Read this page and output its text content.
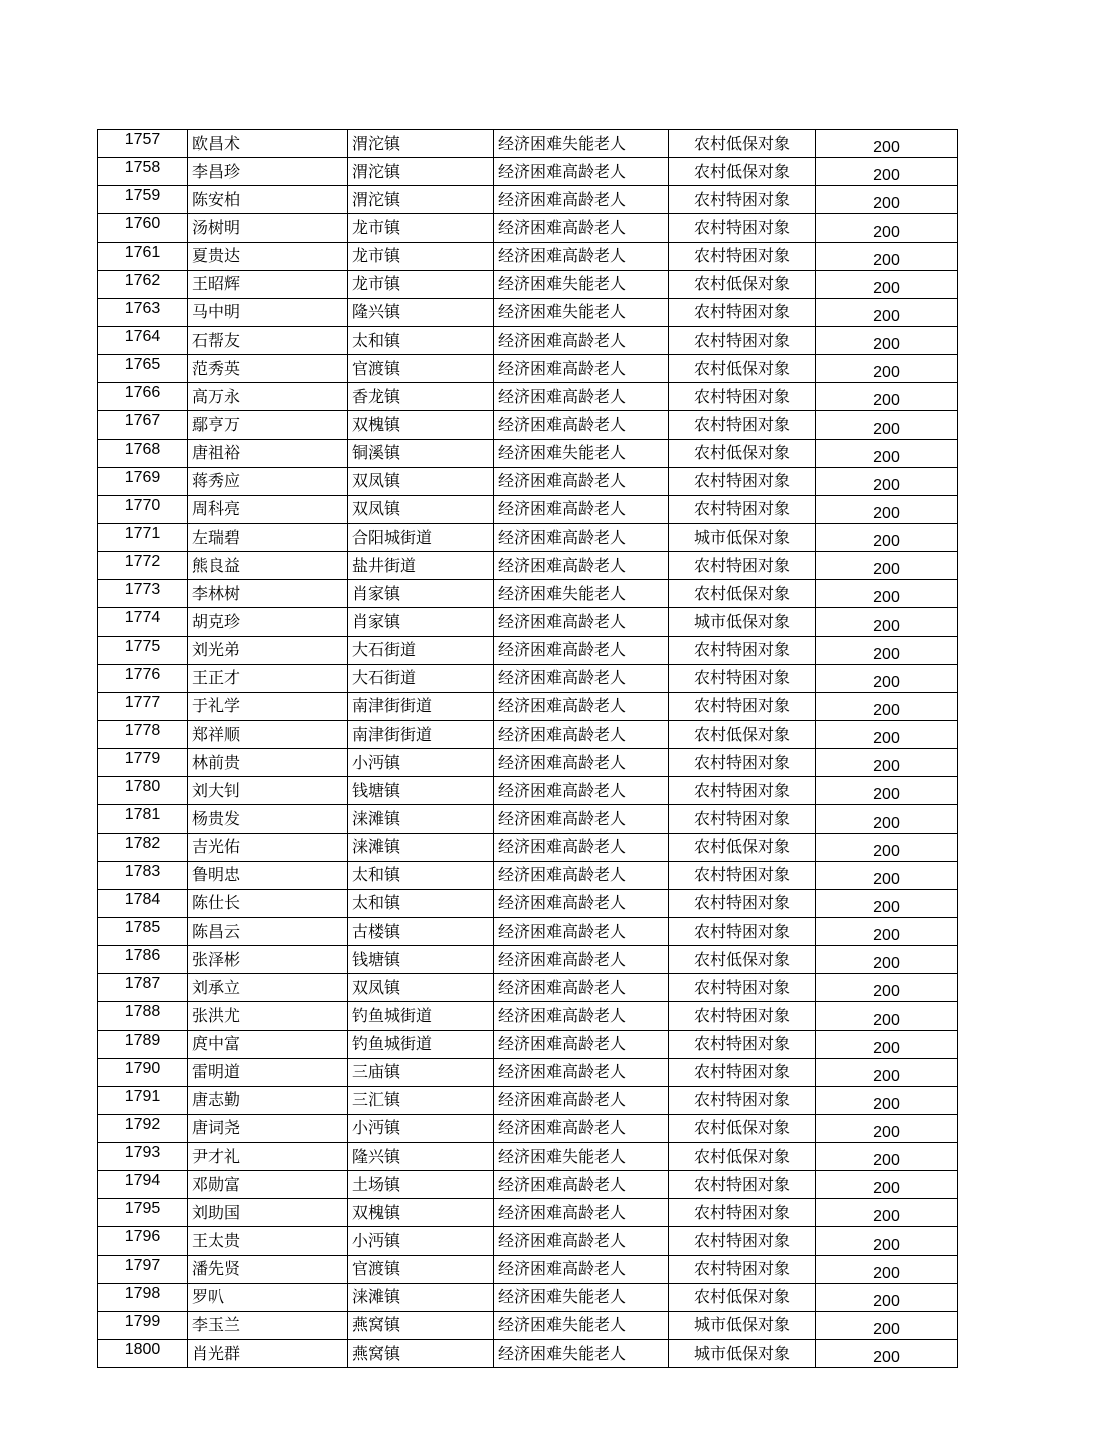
1757	欧昌术	渭沱镇	经济困难失能老人	农村低保对象	200
1758	李昌珍	渭沱镇	经济困难高龄老人	农村低保对象	200
1759	陈安柏	渭沱镇	经济困难高龄老人	农村特困对象	200
1760	汤树明	龙市镇	经济困难高龄老人	农村特困对象	200
1761	夏贵达	龙市镇	经济困难高龄老人	农村特困对象	200
1762	王昭辉	龙市镇	经济困难失能老人	农村低保对象	200
1763	马中明	隆兴镇	经济困难失能老人	农村特困对象	200
1764	石帮友	太和镇	经济困难高龄老人	农村特困对象	200
1765	范秀英	官渡镇	经济困难高龄老人	农村低保对象	200
1766	高万永	香龙镇	经济困难高龄老人	农村特困对象	200
1767	鄢亨万	双槐镇	经济困难高龄老人	农村特困对象	200
1768	唐祖裕	铜溪镇	经济困难失能老人	农村低保对象	200
1769	蒋秀应	双凤镇	经济困难高龄老人	农村特困对象	200
1770	周科亮	双凤镇	经济困难高龄老人	农村特困对象	200
1771	左瑞碧	合阳城街道	经济困难高龄老人	城市低保对象	200
1772	熊良益	盐井街道	经济困难高龄老人	农村特困对象	200
1773	李林树	肖家镇	经济困难失能老人	农村低保对象	200
1774	胡克珍	肖家镇	经济困难高龄老人	城市低保对象	200
1775	刘光弟	大石街道	经济困难高龄老人	农村特困对象	200
1776	王正才	大石街道	经济困难高龄老人	农村特困对象	200
1777	于礼学	南津街街道	经济困难高龄老人	农村特困对象	200
1778	郑祥顺	南津街街道	经济困难高龄老人	农村低保对象	200
1779	林前贵	小沔镇	经济困难高龄老人	农村特困对象	200
1780	刘大钊	钱塘镇	经济困难高龄老人	农村特困对象	200
1781	杨贵发	涞滩镇	经济困难高龄老人	农村特困对象	200
1782	吉光佑	涞滩镇	经济困难高龄老人	农村低保对象	200
1783	鲁明忠	太和镇	经济困难高龄老人	农村特困对象	200
1784	陈仕长	太和镇	经济困难高龄老人	农村特困对象	200
1785	陈昌云	古楼镇	经济困难高龄老人	农村特困对象	200
1786	张泽彬	钱塘镇	经济困难高龄老人	农村低保对象	200
1787	刘承立	双凤镇	经济困难高龄老人	农村特困对象	200
1788	张洪尤	钓鱼城街道	经济困难高龄老人	农村特困对象	200
1789	庹中富	钓鱼城街道	经济困难高龄老人	农村特困对象	200
1790	雷明道	三庙镇	经济困难高龄老人	农村特困对象	200
1791	唐志勤	三汇镇	经济困难高龄老人	农村特困对象	200
1792	唐词尧	小沔镇	经济困难高龄老人	农村低保对象	200
1793	尹才礼	隆兴镇	经济困难失能老人	农村低保对象	200
1794	邓勋富	土场镇	经济困难高龄老人	农村特困对象	200
1795	刘助国	双槐镇	经济困难高龄老人	农村特困对象	200
1796	王太贵	小沔镇	经济困难高龄老人	农村特困对象	200
1797	潘先贤	官渡镇	经济困难高龄老人	农村特困对象	200
1798	罗叭	涞滩镇	经济困难失能老人	农村低保对象	200
1799	李玉兰	燕窝镇	经济困难失能老人	城市低保对象	200
1800	肖光群	燕窝镇	经济困难失能老人	城市低保对象	200
